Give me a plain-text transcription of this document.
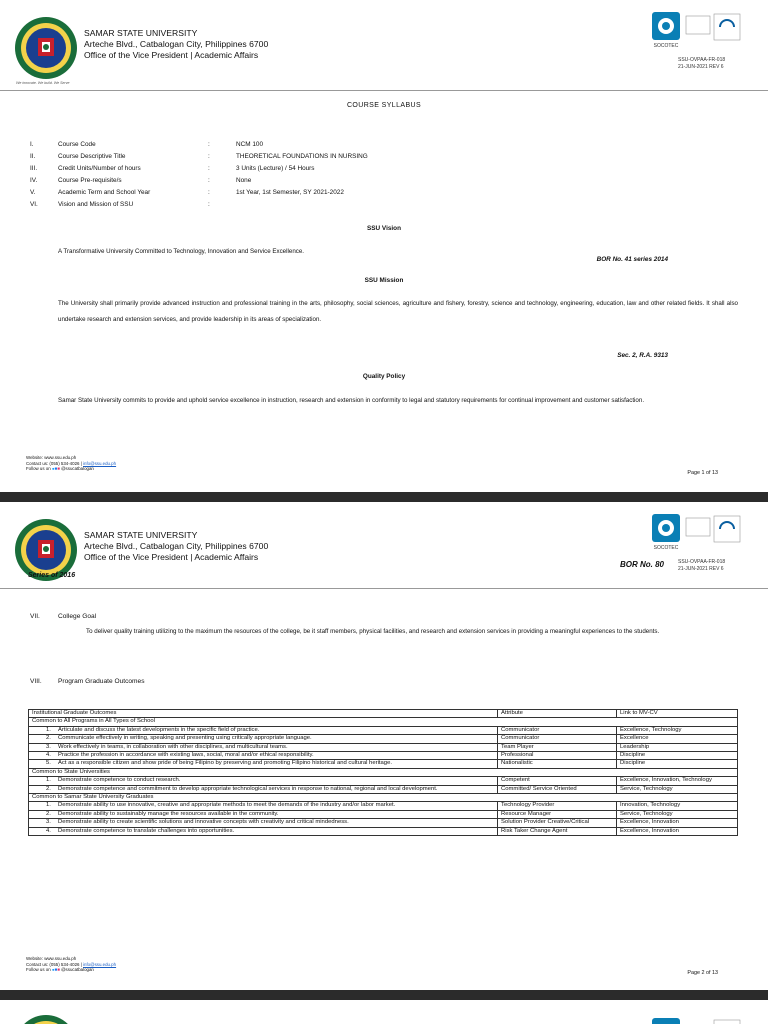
SAMAR STATE UNIVERSITY
Arteche Blvd., Catbalogan City, Philippines 6700
Office of the Vice President | Academic Affairs
We innovate. We build. We Serve
SOCOTEC
SSU-OVPAA-FR-018
21-JUN-2021 REV 6
COURSE SYLLABUS
I.	Course Code	:	NCM 100
II.	Course Descriptive Title	:	THEORETICAL FOUNDATIONS IN NURSING
III.	Credit Units/Number of hours	:	3 Units (Lecture) / 54 Hours
IV.	Course Pre-requisite/s	:	None
V.	Academic Term and School Year	:	1st Year, 1st Semester, SY 2021-2022
VI.	Vision and Mission of SSU	:
SSU Vision
A Transformative University Committed to Technology, Innovation and Service Excellence.
BOR No. 41 series 2014
SSU Mission
The University shall primarily provide advanced instruction and professional training in the arts, philosophy, social sciences, agriculture and fishery, forestry, science and technology, engineering, education, law and other related fields. It shall also undertake research and extension services, and provide leadership in its areas of specialization.
Sec. 2, R.A. 9313
Quality Policy
Samar State University commits to provide and uphold service excellence in instruction, research and extension in conformity to legal and statutory requirements for continual improvement and customer satisfaction.
Website: www.ssu.edu.ph
Contact us: (055) 534-4026 | info@ssu.edu.ph
Follow us on ●■■ @ssucatbalogan
Page 1 of 13
SAMAR STATE UNIVERSITY
Arteche Blvd., Catbalogan City, Philippines 6700
Office of the Vice President | Academic Affairs
SOCOTEC
SSU-OVPAA-FR-018
21-JUN-2021 REV 6
BOR No. 80
Series of 2016
VII.	College Goal
To deliver quality training utilizing to the maximum the resources of the college, be it staff members, physical facilities, and research and extension services in providing a meaningful experiences to the students.
VIII. Program Graduate Outcomes
Institutional Graduate Outcomes	Attribute	Link to MV-CV
Common to All Programs in All Types of School		

1. Articulate and discuss the latest developments in the specific field of practice.	Communicator	Excellence, Technology

2. Communicate effectively in writing, speaking and presenting using critically appropriate language.	Communicator	Excellence

3. Work effectively in teams, in collaboration with other disciplines, and multicultural teams.	Team Player	Leadership

4. Practice the profession in accordance with existing laws, social, moral and/or ethical responsibility.	Professional	Discipline

5. Act as a responsible citizen and show pride of being Filipino by preserving and promoting Filipino historical and cultural heritage.	Nationalistic	Discipline
Common to State Universities		

1. Demonstrate competence to conduct research.	Competent	Excellence, Innovation, Technology

2. Demonstrate competence and commitment to develop appropriate technological services in response to national, regional and local development.	Committed/ Service Oriented	Service, Technology
Common to Samar State University Graduates		

1. Demonstrate ability to use innovative, creative and appropriate methods to meet the demands of the industry and/or labor market.	Technology Provider	Innovation, Technology

2. Demonstrate ability to sustainably manage the resources available in the community.	Resource Manager	Service, Technology

3. Demonstrate ability to create scientific solutions and innovative concepts with creativity and critical mindedness.	Solution Provider Creative/Critical	Excellence, Innovation

4. Demonstrate competence to translate challenges into opportunities.	Risk Taker Change Agent	Excellence, Innovation
Website: www.ssu.edu.ph
Contact us: (055) 534-4026 | info@ssu.edu.ph
Follow us on ●■■ @ssucatbalogan
Page 2 of 13
